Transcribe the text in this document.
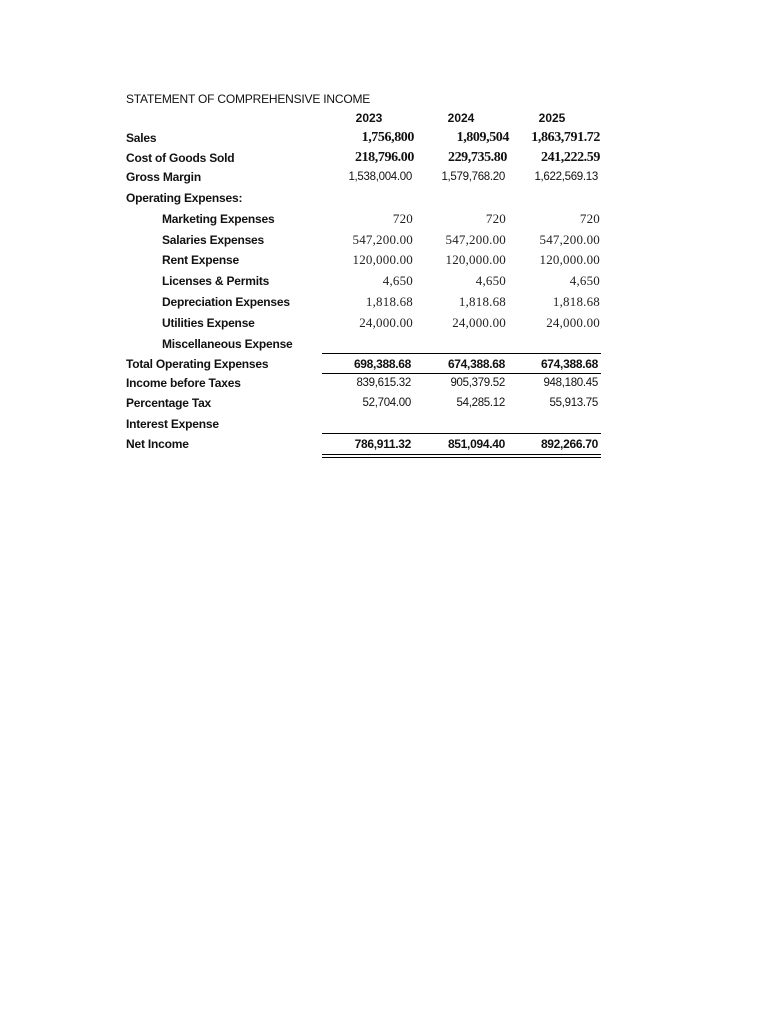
STATEMENT OF COMPREHENSIVE INCOME
2023	2024	2025
Sales	1,756,800	1,809,504 1,863,791.72
Cost of Goods Sold	218,796.00 229,735.80 241,222.59
Gross Margin	1,538,004.00	1,579,768.20	1,622,569.13
Operating Expenses:
Marketing Expenses	720	720	720
Salaries Expenses	547,200.00	547,200.00	547,200.00
Rent Expense	120,000.00	120,000.00	120,000.00
Licenses & Permits	4,650	4,650	4,650
Depreciation Expenses	1,818.68	1,818.68	1,818.68
Utilities Expense	24,000.00	24,000.00	24,000.00
Miscellaneous Expense
Total Operating Expenses	698,388.68	674,388.68	674,388.68
Income before Taxes	839,615.32	905,379.52	948,180.45
Percentage Tax	52,704.00	54,285.12	55,913.75
Interest Expense
Net Income	786,911.32	851,094.40	892,266.70
